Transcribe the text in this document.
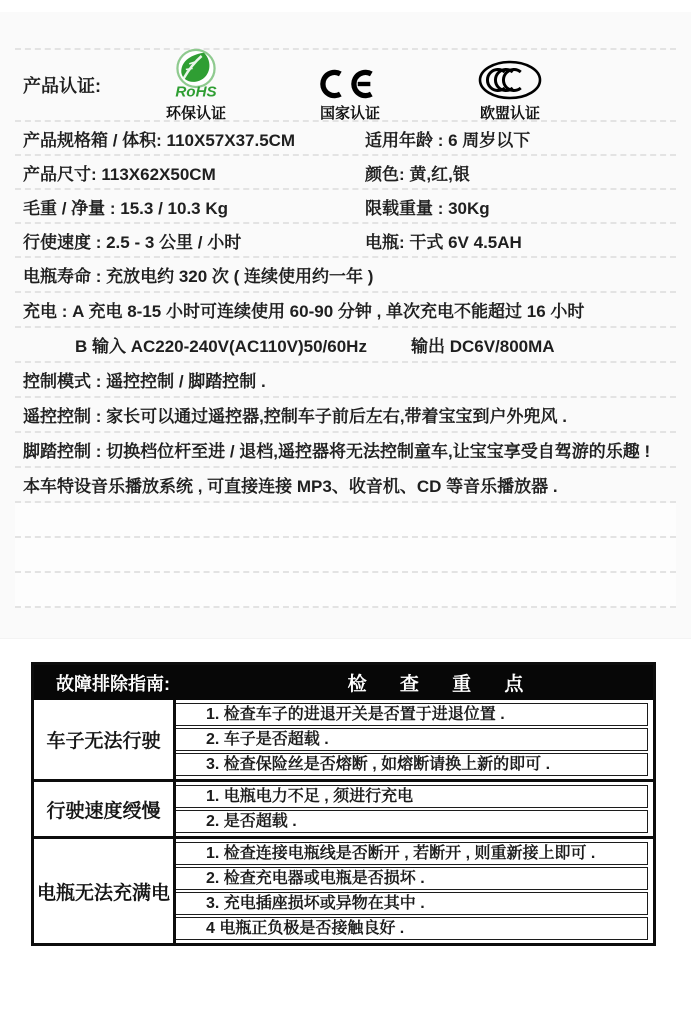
产品认证:	RoHS
环保认证	国家认证	欧盟认证
产品规格箱 / 体积: 110X57X37.5CM	适用年龄 : 6 周岁以下
产品尺寸: 113X62X50CM	颜色: 黄,红,银
毛重 / 净量 : 15.3 / 10.3 Kg	限载重量 : 30Kg
行使速度 : 2.5 - 3 公里 / 小时	电瓶: 干式 6V 4.5AH
电瓶寿命 : 充放电约 320 次 ( 连续使用约一年 )
充电 : A 充电 8-15 小时可连续使用 60-90 分钟 , 单次充电不能超过 16 小时
B 输入 AC220-240V(AC110V)50/60Hz	输出 DC6V/800MA
控制模式 : 遥控控制 / 脚踏控制 .
遥控控制 : 家长可以通过遥控器,控制车子前后左右,带着宝宝到户外兜风 .
脚踏控制 : 切换档位杆至进 / 退档,遥控器将无法控制童车,让宝宝享受自驾游的乐趣 !
本车特设音乐播放系统 , 可直接连接 MP3、收音机、CD 等音乐播放器 .
故障排除指南:	检 查 重 点
车子无法行驶
1. 检查车子的进退开关是否置于进退位置 .
2. 车子是否超载 .
3. 检查保险丝是否熔断 , 如熔断请换上新的即可 .
行驶速度绶慢
1. 电瓶电力不足 , 须进行充电
2. 是否超载 .
电瓶无法充满电
1. 检查连接电瓶线是否断开 , 若断开 , 则重新接上即可 .
2. 检查充电器或电瓶是否损坏 .
3. 充电插座损坏或异物在其中 .
4 电瓶正负极是否接触良好 .
